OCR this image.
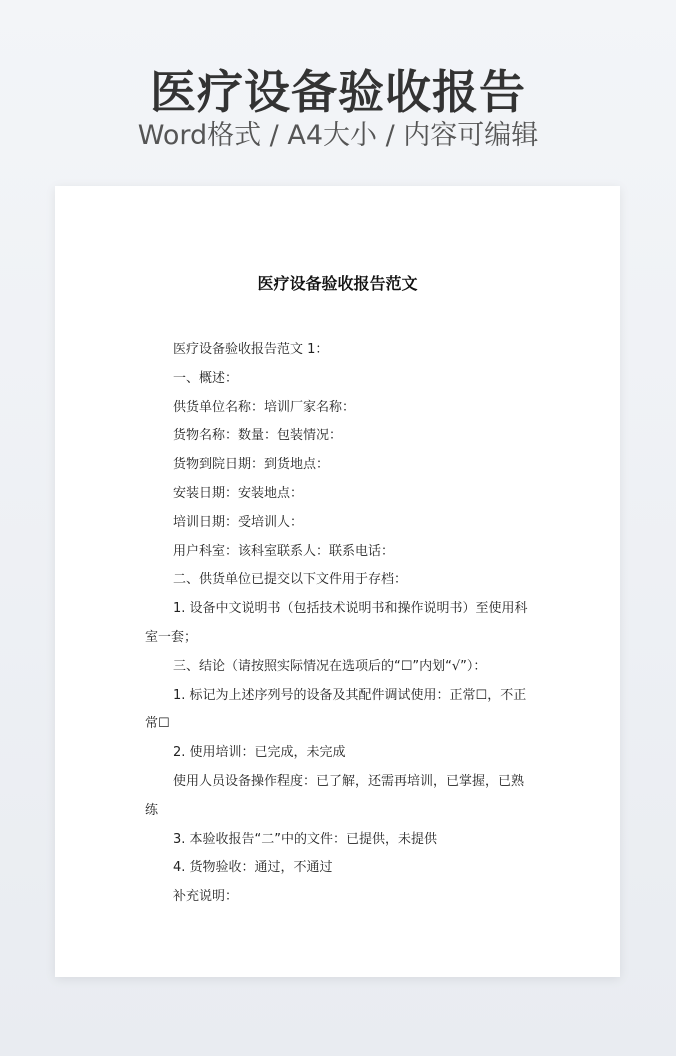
医疗设备验收报告
Word格式 / A4大小 / 内容可编辑
医疗设备验收报告范文

医疗设备验收报告范文 1：

一、概述：

供货单位名称：培训厂家名称：

货物名称：数量：包装情况：

货物到院日期：到货地点：

安装日期：安装地点：

培训日期：受培训人：

用户科室：该科室联系人：联系电话：

二、供货单位已提交以下文件用于存档：

1. 设备中文说明书（包括技术说明书和操作说明书）至使用科室一套；

三、结论（请按照实际情况在选项后的“☐”内划“√”）：

1. 标记为上述序列号的设备及其配件调试使用：正常☐，不正常☐

2. 使用培训：已完成，未完成

使用人员设备操作程度：已了解，还需再培训，已掌握，已熟练

3. 本验收报告“二”中的文件：已提供，未提供

4. 货物验收：通过，不通过

补充说明：
